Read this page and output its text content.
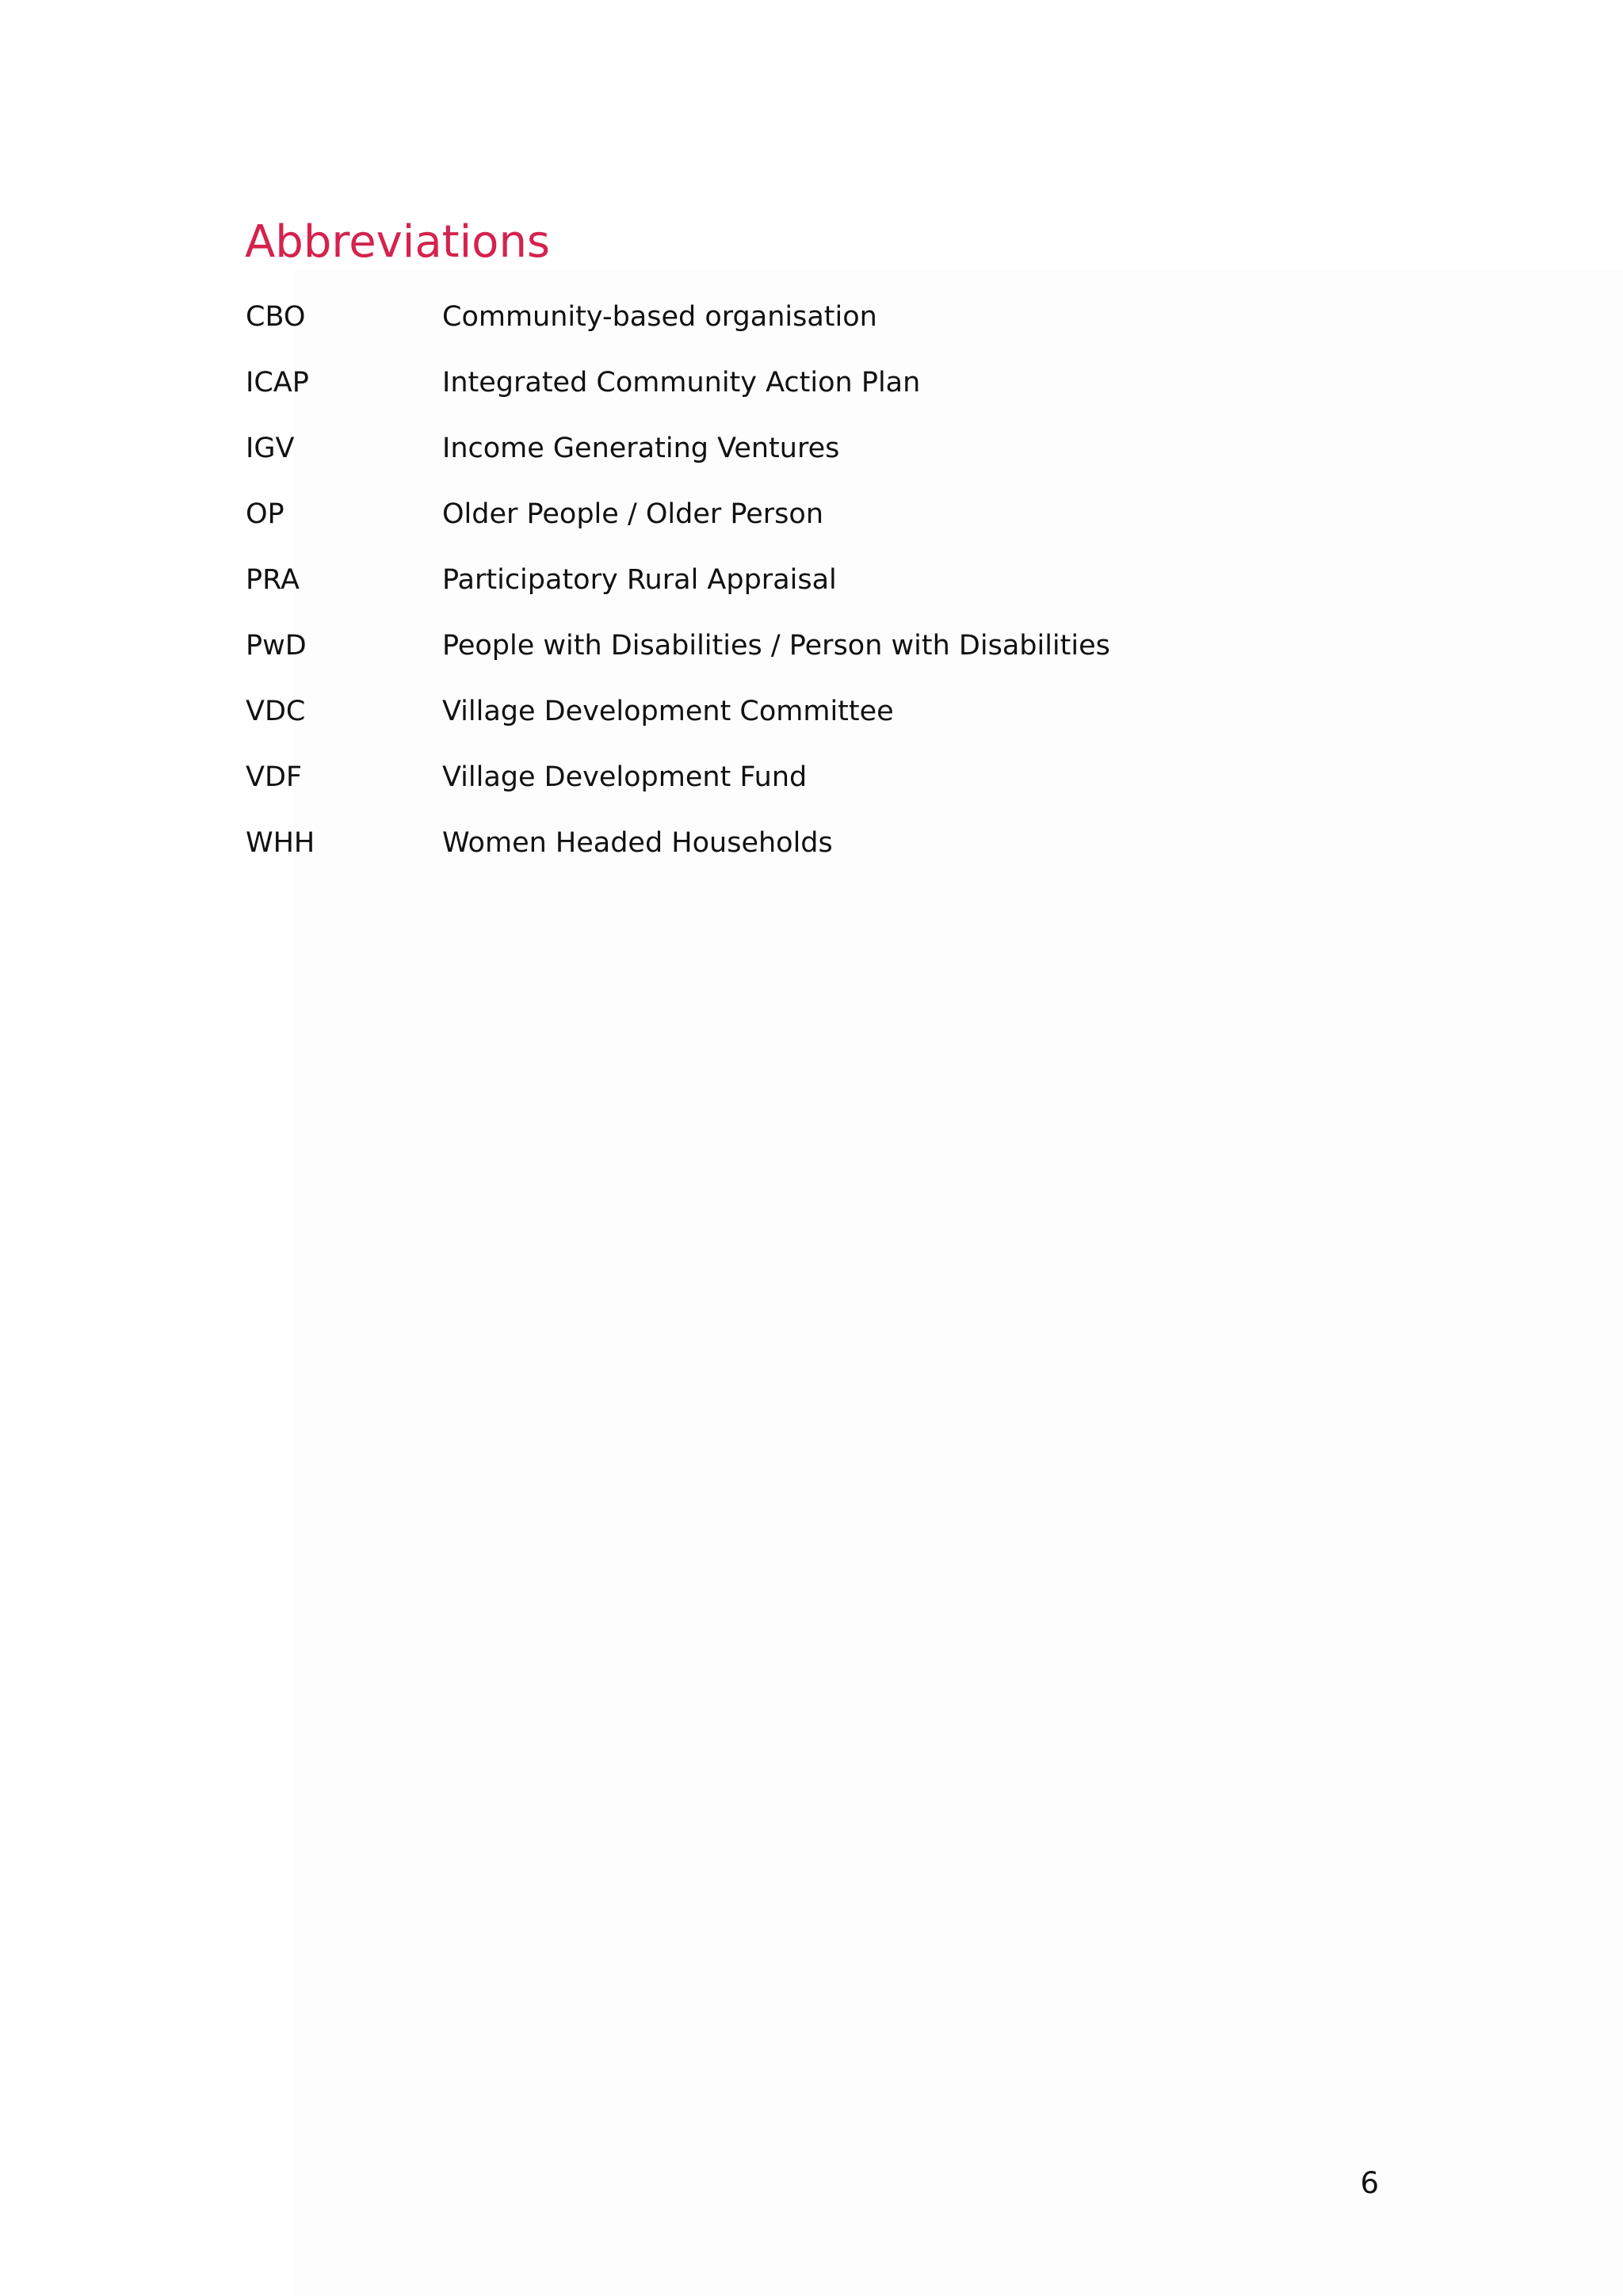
Abbreviations
CBO	Community-based organisation
ICAP	Integrated Community Action Plan
IGV	Income Generating Ventures
OP	Older People / Older Person
PRA	Participatory Rural Appraisal
PwD	People with Disabilities / Person with Disabilities
VDC	Village Development Committee
VDF	Village Development Fund
WHH	Women Headed Households
6
